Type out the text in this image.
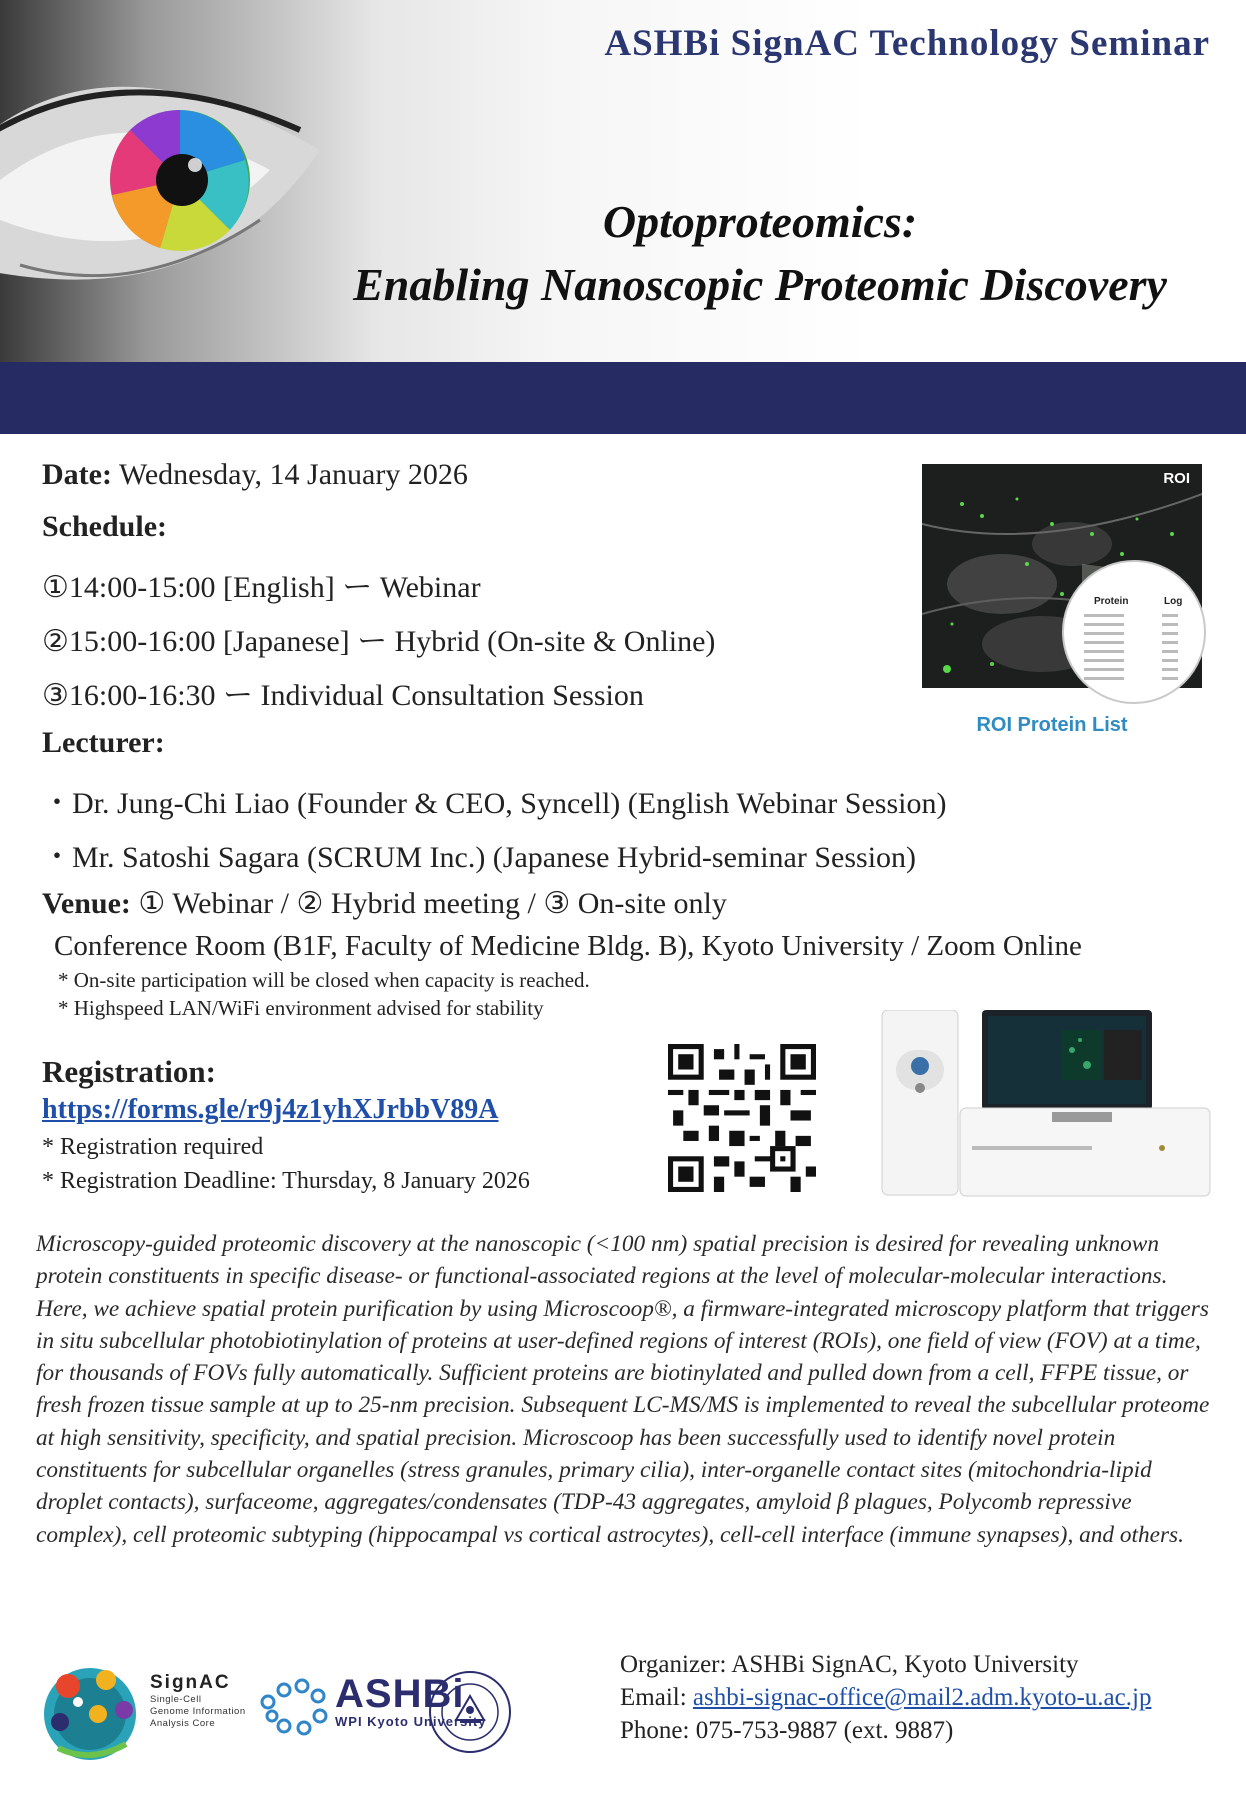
ASHBi SignAC Technology Seminar
Optoproteomics:
Enabling Nanoscopic Proteomic Discovery
Date: Wednesday, 14 January 2026
Schedule:
①14:00-15:00 [English] ー Webinar
②15:00-16:00 [Japanese] ー Hybrid (On-site & Online)
③16:00-16:30 ー Individual Consultation Session
Lecturer:
・Dr. Jung-Chi Liao (Founder & CEO, Syncell) (English Webinar Session)
・Mr. Satoshi Sagara (SCRUM Inc.) (Japanese Hybrid-seminar Session)
Venue: ① Webinar / ② Hybrid meeting / ③ On-site only
Conference Room (B1F, Faculty of Medicine Bldg. B), Kyoto University / Zoom Online
* On-site participation will be closed when capacity is reached.
* Highspeed LAN/WiFi environment advised for stability
ROI
Protein	Log
ROI Protein List
Registration:
https://forms.gle/r9j4z1yhXJrbbV89A
* Registration required
* Registration Deadline: Thursday, 8 January 2026
Microscopy-guided proteomic discovery at the nanoscopic (<100 nm) spatial precision is desired for revealing unknown protein constituents in specific disease- or functional-associated regions at the level of molecular-molecular interactions. Here, we achieve spatial protein purification by using Microscoop®, a firmware-integrated microscopy platform that triggers in situ subcellular photobiotinylation of proteins at user-defined regions of interest (ROIs), one field of view (FOV) at a time, for thousands of FOVs fully automatically. Sufficient proteins are biotinylated and pulled down from a cell, FFPE tissue, or fresh frozen tissue sample at up to 25-nm precision. Subsequent LC-MS/MS is implemented to reveal the subcellular proteome at high sensitivity, specificity, and spatial precision. Microscoop has been successfully used to identify novel protein constituents for subcellular organelles (stress granules, primary cilia), inter-organelle contact sites (mitochondria-lipid droplet contacts), surfaceome, aggregates/condensates (TDP-43 aggregates, amyloid β plagues, Polycomb repressive complex), cell proteomic subtyping (hippocampal vs cortical astrocytes), cell-cell interface (immune synapses), and others.
SignAC
Single-Cell
Genome Information
Analysis Core
ASHBi
WPI Kyoto University
Organizer: ASHBi SignAC, Kyoto University
Email: ashbi-signac-office@mail2.adm.kyoto-u.ac.jp
Phone: 075-753-9887 (ext. 9887)
